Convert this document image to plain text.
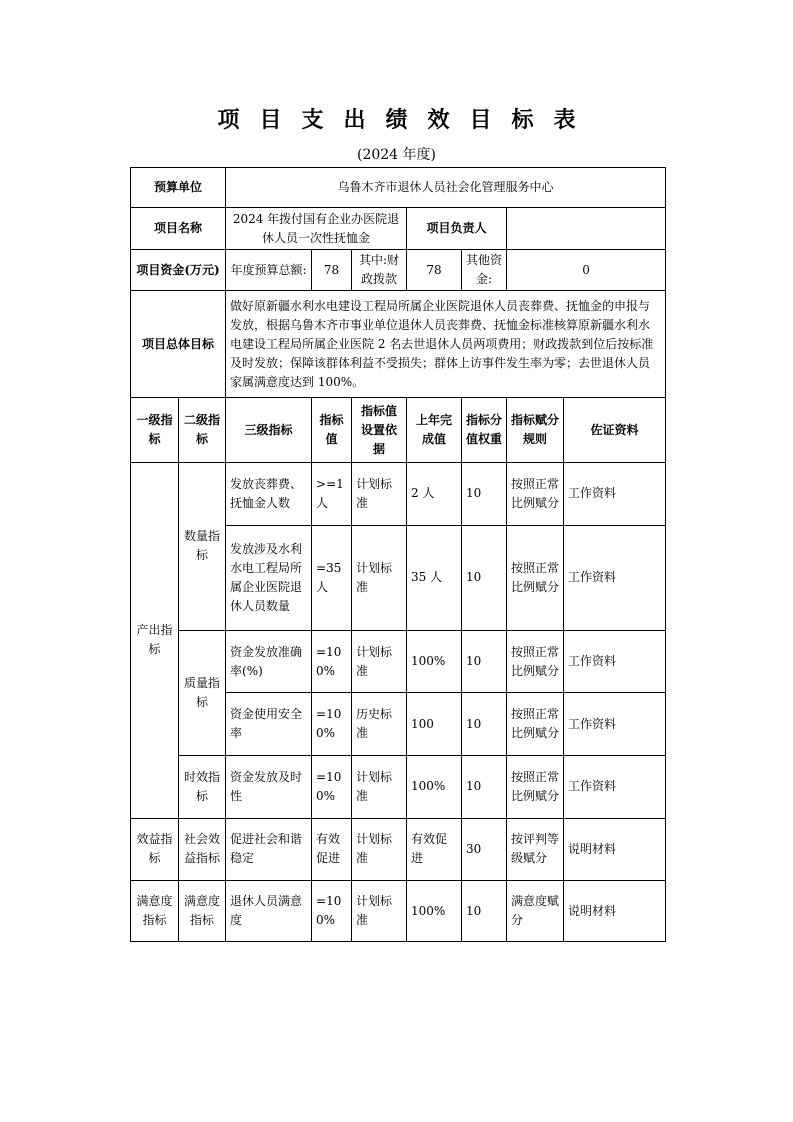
项目支出绩效目标表
(2024 年度)
预算单位		乌鲁木齐市退休人员社会化管理服务中心						
项目名称		2024 年拨付国有企业办医院退休人员一次性抚恤金			项目负责人			
项目资金(万元)		年度预算总额:	78	其中:财政拨款	78	其他资金:	0	
项目总体目标		做好原新疆水利水电建设工程局所属企业医院退休人员丧葬费、抚恤金的申报与发放，根据乌鲁木齐市事业单位退休人员丧葬费、抚恤金标准核算原新疆水利水电建设工程局所属企业医院 2 名去世退休人员两项费用；财政拨款到位后按标准及时发放；保障该群体利益不受损失；群体上访事件发生率为零；去世退休人员家属满意度达到 100%。						
一级指标	二级指标	三级指标	指标值	指标值设置依据	上年完成值	指标分值权重	指标赋分规则	佐证资料
产出指标	数量指标	发放丧葬费、抚恤金人数	>=1 人	计划标准	2 人	10	按照正常比例赋分	工作资料
		发放涉及水利水电工程局所属企业医院退休人员数量	=35 人	计划标准	35 人	10	按照正常比例赋分	工作资料
	质量指标	资金发放准确率(%)	=100%	计划标准	100%	10	按照正常比例赋分	工作资料
		资金使用安全率	=100%	历史标准	100	10	按照正常比例赋分	工作资料
	时效指标	资金发放及时性	=100%	计划标准	100%	10	按照正常比例赋分	工作资料
效益指标	社会效益指标	促进社会和谐稳定	有效促进	计划标准	有效促进	30	按评判等级赋分	说明材料
满意度指标	满意度指标	退休人员满意度	=100%	计划标准	100%	10	满意度赋分	说明材料
